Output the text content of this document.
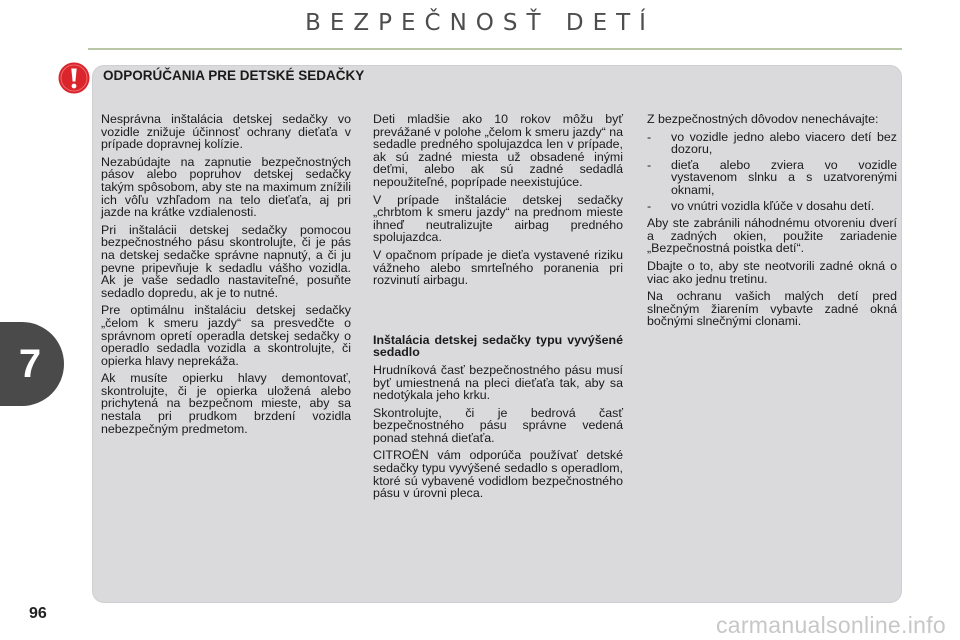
BEZPEČNOSŤ DETÍ
7
ODPORÚČANIA PRE DETSKÉ SEDAČKY

Nesprávna inštalácia detskej sedačky vo vozidle znižuje účinnosť ochrany dieťaťa v prípade dopravnej kolízie.

Nezabúdajte na zapnutie bezpečnostných pásov alebo popruhov detskej sedačky takým spôsobom, aby ste na maximum znížili ich vôľu vzhľadom na telo dieťaťa, aj pri jazde na krátke vzdialenosti.

Pri inštalácii detskej sedačky pomocou bezpečnostného pásu skontrolujte, či je pás na detskej sedačke správne napnutý, a či ju pevne pripevňuje k sedadlu vášho vozidla. Ak je vaše sedadlo nastaviteľné, posuňte sedadlo dopredu, ak je to nutné.

Pre optimálnu inštaláciu detskej sedačky „čelom k smeru jazdy“ sa presvedčte o správnom opretí operadla detskej sedačky o operadlo sedadla vozidla a skontrolujte, či opierka hlavy neprekáža.

Ak musíte opierku hlavy demontovať, skontrolujte, či je opierka uložená alebo prichytená na bezpečnom mieste, aby sa nestala pri prudkom brzdení vozidla nebezpečným predmetom.

Deti mladšie ako 10 rokov môžu byť prevážané v polohe „čelom k smeru jazdy“ na sedadle predného spolujazdca len v prípade, ak sú zadné miesta už obsadené inými deťmi, alebo ak sú zadné sedadlá nepoužiteľné, poprípade neexistujúce.

V prípade inštalácie detskej sedačky „chrbtom k smeru jazdy“ na prednom mieste ihneď neutralizujte airbag predného spolujazdca.

V opačnom prípade je dieťa vystavené riziku vážneho alebo smrteľného poranenia pri rozvinutí airbagu.

Inštalácia detskej sedačky typu vyvýšené sedadlo

Hrudníková časť bezpečnostného pásu musí byť umiestnená na pleci dieťaťa tak, aby sa nedotýkala jeho krku.

Skontrolujte, či je bedrová časť bezpečnostného pásu správne vedená ponad stehná dieťaťa.

CITROËN vám odporúča používať detské sedačky typu vyvýšené sedadlo s operadlom, ktoré sú vybavené vodidlom bezpečnostného pásu v úrovni pleca.

Z bezpečnostných dôvodov nenechávajte:

- vo vozidle jedno alebo viacero detí bez dozoru,
- dieťa alebo zviera vo vozidle vystavenom slnku a s uzatvorenými oknami,
- vo vnútri vozidla kľúče v dosahu detí.

Aby ste zabránili náhodnému otvoreniu dverí a zadných okien, použite zariadenie „Bezpečnostná poistka detí“.

Dbajte o to, aby ste neotvorili zadné okná o viac ako jednu tretinu.

Na ochranu vašich malých detí pred slnečným žiarením vybavte zadné okná bočnými slnečnými clonami.

96	carmanualsonline.info
